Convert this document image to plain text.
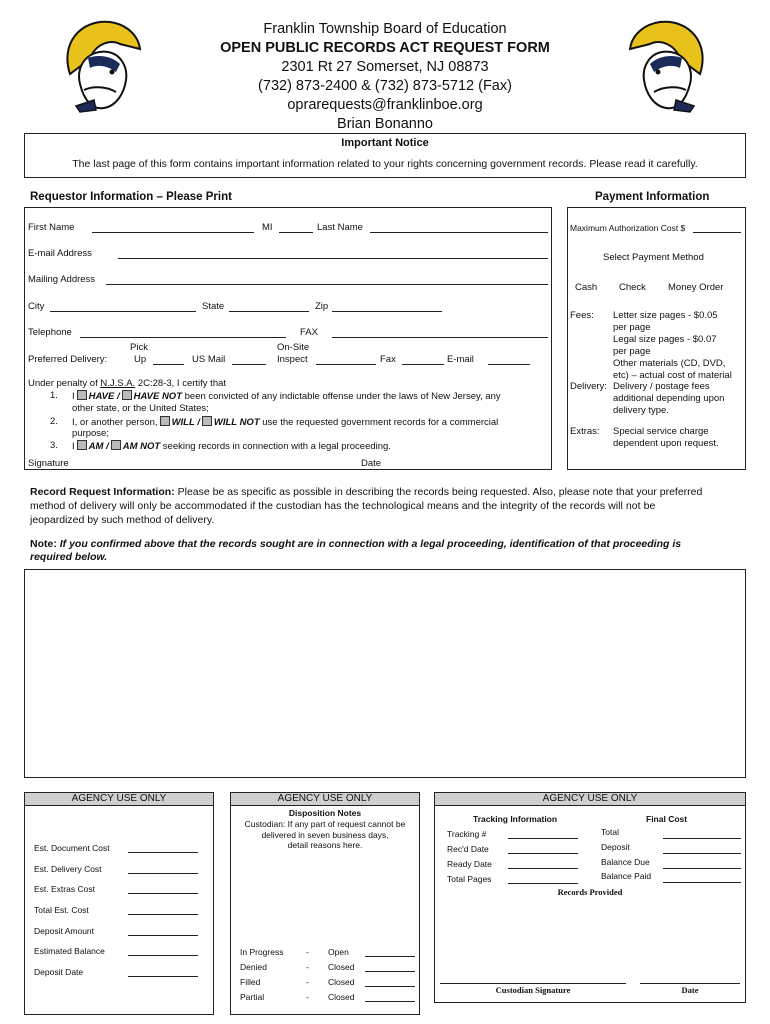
Franklin Township Board of Education
OPEN PUBLIC RECORDS ACT REQUEST FORM
2301 Rt 27 Somerset, NJ 08873
(732) 873-2400 & (732) 873-5712 (Fax)
oprarequests@franklinboe.org
Brian Bonanno
Important Notice
The last page of this form contains important information related to your rights concerning government records. Please read it carefully.
Requestor Information – Please Print
First Name	MI	Last Name
E-mail Address
Mailing Address
City	State	Zip
Telephone	FAX
Pick	On-Site
Preferred Delivery:	Up	US Mail	Inspect	Fax	E-mail
Under penalty of N.J.S.A. 2C:28-3, I certify that
1. I HAVE / HAVE NOT been convicted of any indictable offense under the laws of New Jersey, any
other state, or the United States;
2. I, or another person, WILL / WILL NOT use the requested government records for a commercial
purpose;
3. I AM / AM NOT seeking records in connection with a legal proceeding.
Signature	Date
Payment Information
Maximum Authorization Cost $
Select Payment Method
Cash Check Money Order
Fees: Letter size pages - $0.05
per page
Legal size pages - $0.07
per page
Other materials (CD, DVD,
etc) – actual cost of material
Delivery: Delivery / postage fees
additional depending upon
delivery type.
Extras: Special service charge
dependent upon request.
Record Request Information: Please be as specific as possible in describing the records being requested. Also, please note that your preferred
method of delivery will only be accommodated if the custodian has the technological means and the integrity of the records will not be
jeopardized by such method of delivery.
Note: If you confirmed above that the records sought are in connection with a legal proceeding, identification of that proceeding is
required below.
AGENCY USE ONLY
Est. Document Cost
Est. Delivery Cost
Est. Extras Cost
Total Est. Cost
Deposit Amount
Estimated Balance
Deposit Date
AGENCY USE ONLY
Disposition Notes
Custodian: If any part of request cannot be
delivered in seven business days,
detail reasons here.
In Progress	- Open
Denied	- Closed
Filled	- Closed
Partial	- Closed
AGENCY USE ONLY
Tracking Information	Final Cost
Tracking #
Rec'd Date
Ready Date
Total Pages
Total
Deposit
Balance Due
Balance Paid
Records Provided
Custodian Signature	Date
